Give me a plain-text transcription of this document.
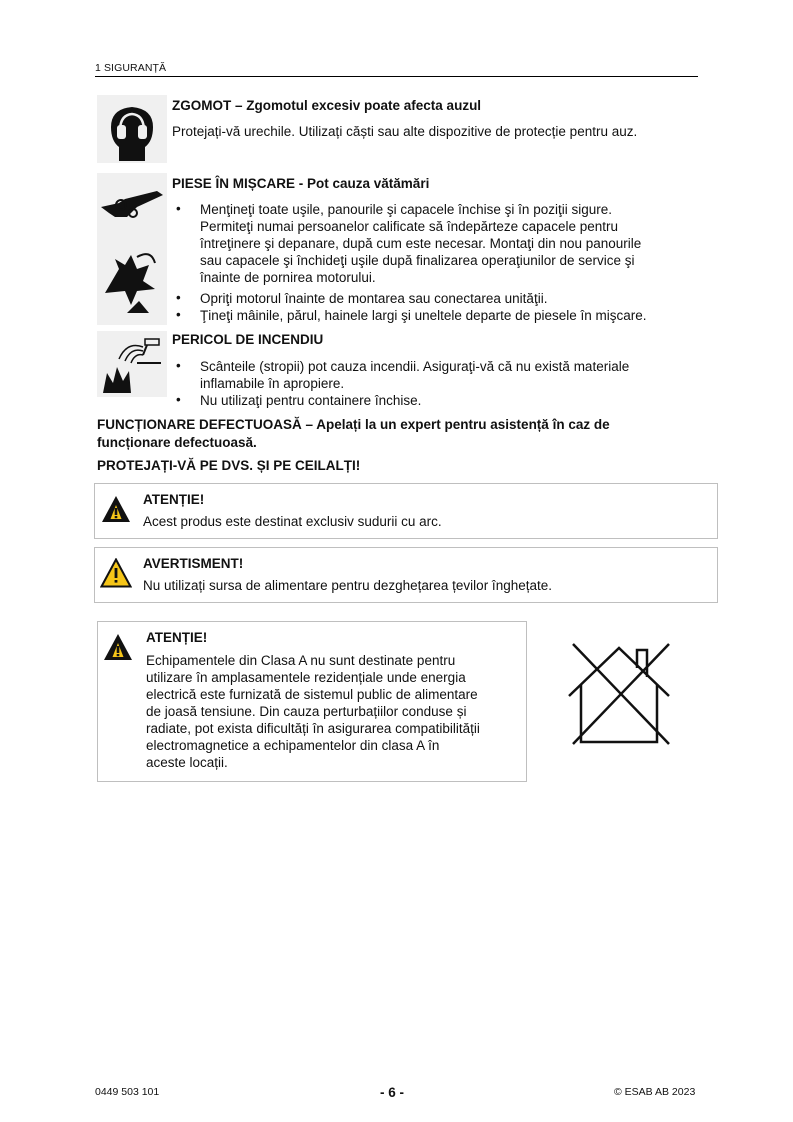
1 SIGURANȚĂ
ZGOMOT – Zgomotul excesiv poate afecta auzul
Protejați-vă urechile. Utilizați căști sau alte dispozitive de protecție pentru auz.
PIESE ÎN MIȘCARE - Pot cauza vătămări
• Menţineţi toate uşile, panourile şi capacele închise şi în poziţii sigure.
Permiteţi numai persoanelor calificate să îndepărteze capacele pentru
întreţinere şi depanare, după cum este necesar. Montaţi din nou panourile
sau capacele şi închideţi uşile după finalizarea operaţiunilor de service şi
înainte de pornirea motorului.
• Opriţi motorul înainte de montarea sau conectarea unităţii.
• Ţineţi mâinile, părul, hainele largi şi uneltele departe de piesele în mişcare.
PERICOL DE INCENDIU
• Scânteile (stropii) pot cauza incendii. Asiguraţi-vă că nu există materiale
inflamabile în apropiere.
• Nu utilizaţi pentru containere închise.
FUNCȚIONARE DEFECTUOASĂ – Apelați la un expert pentru asistență în caz de
funcționare defectuoasă.
PROTEJAȚI-VĂ PE DVS. ȘI PE CEILALȚI!
ATENȚIE!
Acest produs este destinat exclusiv sudurii cu arc.
AVERTISMENT!
Nu utilizați sursa de alimentare pentru dezghețarea țevilor înghețate.
ATENȚIE!
Echipamentele din Clasa A nu sunt destinate pentru
utilizare în amplasamentele rezidențiale unde energia
electrică este furnizată de sistemul public de alimentare
de joasă tensiune. Din cauza perturbațiilor conduse și
radiate, pot exista dificultăți în asigurarea compatibilității
electromagnetice a echipamentelor din clasa A în
aceste locații.
0449 503 101	- 6 -	© ESAB AB 2023
